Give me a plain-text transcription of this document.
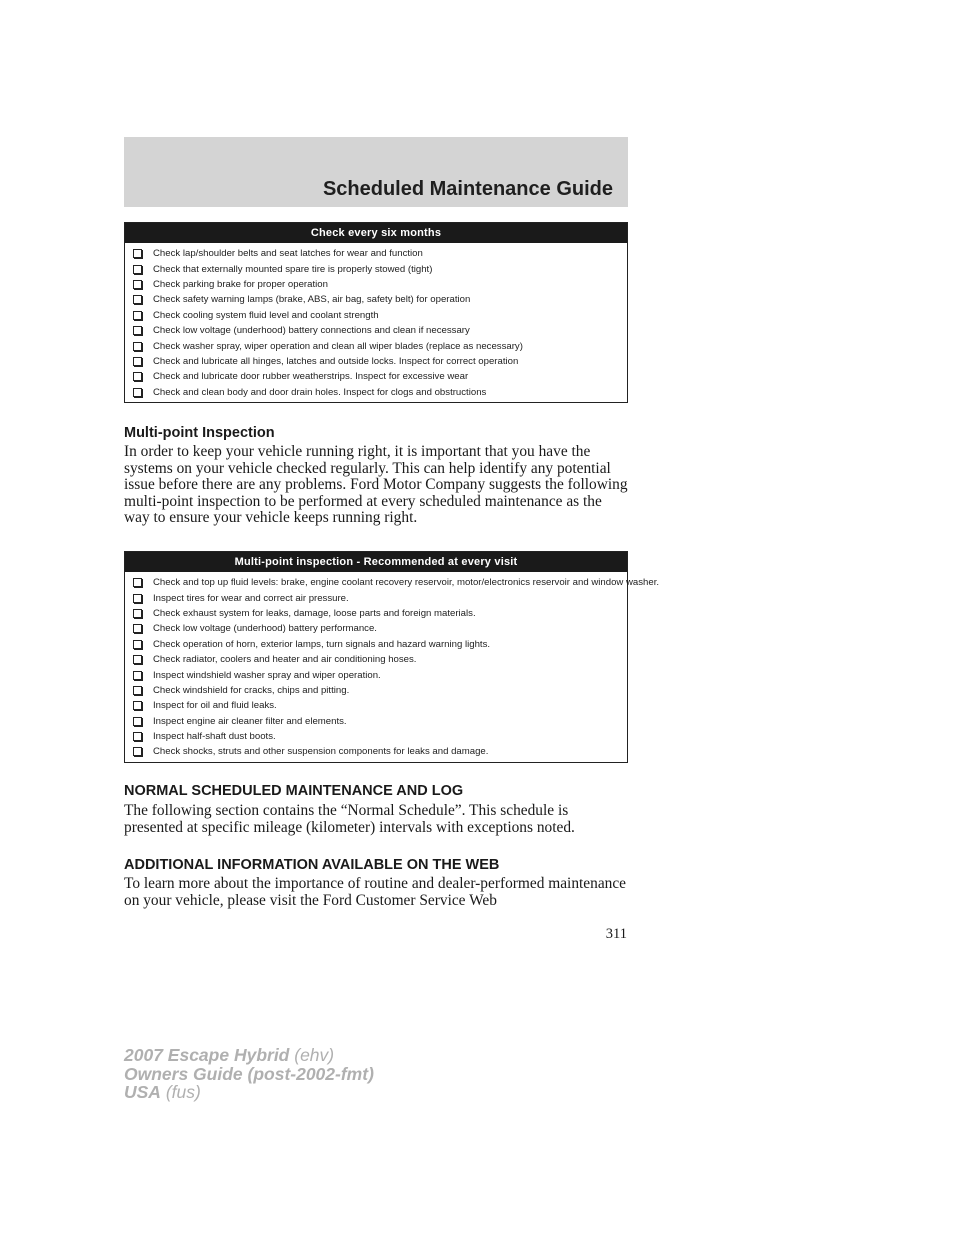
Scheduled Maintenance Guide
Check every six months
Check lap/shoulder belts and seat latches for wear and function
Check that externally mounted spare tire is properly stowed (tight)
Check parking brake for proper operation
Check safety warning lamps (brake, ABS, air bag, safety belt) for operation
Check cooling system fluid level and coolant strength
Check low voltage (underhood) battery connections and clean if necessary
Check washer spray, wiper operation and clean all wiper blades (replace as necessary)
Check and lubricate all hinges, latches and outside locks. Inspect for correct operation
Check and lubricate door rubber weatherstrips. Inspect for excessive wear
Check and clean body and door drain holes. Inspect for clogs and obstructions
Multi-point Inspection

In order to keep your vehicle running right, it is important that you have the systems on your vehicle checked regularly. This can help identify any potential issue before there are any problems. Ford Motor Company suggests the following multi-point inspection to be performed at every scheduled maintenance as the way to ensure your vehicle keeps running right.

Multi-point inspection - Recommended at every visit
Check and top up fluid levels: brake, engine coolant recovery reservoir, motor/electronics reservoir and window washer.
Inspect tires for wear and correct air pressure.
Check exhaust system for leaks, damage, loose parts and foreign materials.
Check low voltage (underhood) battery performance.
Check operation of horn, exterior lamps, turn signals and hazard warning lights.
Check radiator, coolers and heater and air conditioning hoses.
Inspect windshield washer spray and wiper operation.
Check windshield for cracks, chips and pitting.
Inspect for oil and fluid leaks.
Inspect engine air cleaner filter and elements.
Inspect half-shaft dust boots.
Check shocks, struts and other suspension components for leaks and damage.
NORMAL SCHEDULED MAINTENANCE AND LOG

The following section contains the “Normal Schedule”. This schedule is presented at specific mileage (kilometer) intervals with exceptions noted.

ADDITIONAL INFORMATION AVAILABLE ON THE WEB

To learn more about the importance of routine and dealer-performed maintenance on your vehicle, please visit the Ford Customer Service Web

311
2007 Escape Hybrid (ehv)
Owners Guide (post-2002-fmt)
USA (fus)
